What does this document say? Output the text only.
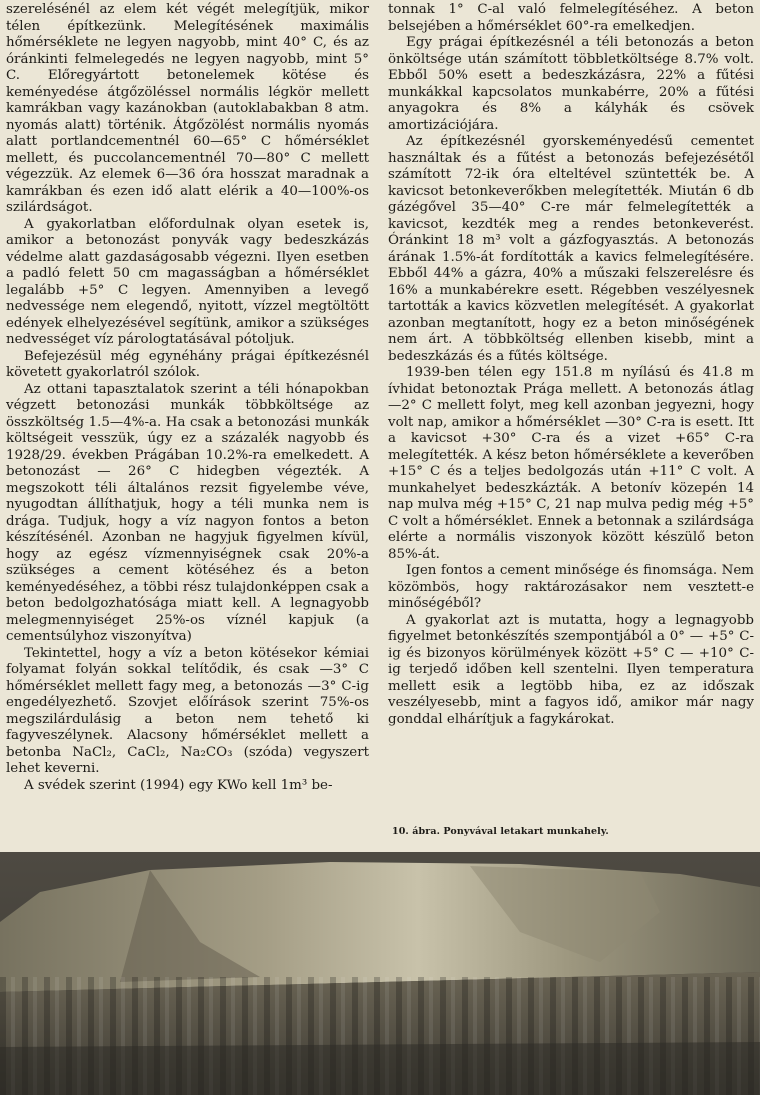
szerelésénél az elem két végét melegítjük, mikor télen építkezünk. Melegítésének maximális hőmérséklete ne legyen nagyobb, mint 40° C, és az óránkinti felmelegedés ne legyen nagyobb, mint 5° C. Előregyártott betonelemek kötése és keményedése átgőzöléssel normális légkör mellett kamrákban vagy kazánokban (autoklabakban 8 atm. nyomás alatt) történik. Átgőzölést normális nyomás alatt portlandcementnél 60—65° C hőmérséklet mellett, és puccolancementnél 70—80° C mellett végezzük. Az elemek 6—36 óra hosszat maradnak a kamrákban és ezen idő alatt elérik a 40—100%-os szilárdságot.

A gyakorlatban előfordulnak olyan esetek is, amikor a betonozást ponyvák vagy bedeszkázás védelme alatt gazdaságosabb végezni. Ilyen esetben a padló felett 50 cm magasságban a hőmérséklet legalább +5° C legyen. Amennyiben a levegő nedvessége nem elegendő, nyitott, vízzel megtöltött edények elhelyezésével segítünk, amikor a szükséges nedvességet víz párologtatásával pótoljuk.

Befejezésül még egynéhány prágai építkezésnél követett gyakorlatról szólok.

Az ottani tapasztalatok szerint a téli hónapokban végzett betonozási munkák többköltsége az összköltség 1.5—4%-a. Ha csak a betonozási munkák költségeit vesszük, úgy ez a százalék nagyobb és 1928/29. években Prágában 10.2%-ra emelkedett. A betonozást — 26° C hidegben végezték. A megszokott téli általános rezsit figyelembe véve, nyugodtan állíthatjuk, hogy a téli munka nem is drága. Tudjuk, hogy a víz nagyon fontos a beton készítésénél. Azonban ne hagyjuk figyelmen kívül, hogy az egész vízmennyiségnek csak 20%-a szükséges a cement kötéséhez és a beton keményedéséhez, a többi rész tulajdonképpen csak a beton bedolgozhatósága miatt kell. A legnagyobb melegmennyiséget 25%-os víznél kapjuk (a cementsúlyhoz viszonyítva)

Tekintettel, hogy a víz a beton kötésekor kémiai folyamat folyán sokkal telítődik, és csak —3° C hőmérséklet mellett fagy meg, a betonozás —3° C-ig engedélyezhető. Szovjet előírások szerint 75%-os megszilárdulásig a beton nem tehető ki fagyveszélynek. Alacsony hőmérséklet mellett a betonba NaCl₂, CaCl₂, Na₂CO₃ (szóda) vegyszert lehet keverni.

A svédek szerint (1994) egy KWo kell 1m³ be-

tonnak 1° C-al való felmelegítéséhez. A beton belsejében a hőmérséklet 60°-ra emelkedjen.

Egy prágai építkezésnél a téli betonozás a beton önköltsége után számított többletköltsége 8.7% volt. Ebből 50% esett a bedeszkázásra, 22% a fűtési munkákkal kapcsolatos munkabérre, 20% a fűtési anyagokra és 8% a kályhák és csövek amortizációjára.

Az építkezésnél gyorskeményedésű cementet használtak és a fűtést a betonozás befejezésétől számított 72-ik óra elteltével szüntették be. A kavicsot betonkeverőkben melegítették. Miután 6 db gázégővel 35—40° C-re már felmelegítették a kavicsot, kezdték meg a rendes betonkeverést. Óránkint 18 m³ volt a gázfogyasztás. A betonozás árának 1.5%-át fordították a kavics felmelegítésére. Ebből 44% a gázra, 40% a műszaki felszerelésre és 16% a munkabérekre esett. Régebben veszélyesnek tartották a kavics közvetlen melegítését. A gyakorlat azonban megtanított, hogy ez a beton minőségének nem árt. A többköltség ellenben kisebb, mint a bedeszkázás és a fűtés költsége.

1939-ben télen egy 151.8 m nyílású és 41.8 m ívhidat betonoztak Prága mellett. A betonozás átlag —2° C mellett folyt, meg kell azonban jegyezni, hogy volt nap, amikor a hőmérséklet —30° C-ra is esett. Itt a kavicsot +30° C-ra és a vizet +65° C-ra melegítették. A kész beton hőmérséklete a keverőben +15° C és a teljes bedolgozás után +11° C volt. A munkahelyet bedeszkázták. A betonív közepén 14 nap mulva még +15° C, 21 nap mulva pedig még +5° C volt a hőmérséklet. Ennek a betonnak a szilárdsága elérte a normális viszonyok között készülő beton 85%-át.

Igen fontos a cement minősége és finomsága. Nem közömbös, hogy raktározásakor nem vesztett-e minőségéből?

A gyakorlat azt is mutatta, hogy a legnagyobb figyelmet betonkészítés szempontjából a 0° — +5° C-ig és bizonyos körülmények között +5° C — +10° C-ig terjedő időben kell szentelni. Ilyen temperatura mellett esik a legtöbb hiba, ez az időszak veszélyesebb, mint a fagyos idő, amikor már nagy gonddal elhárítjuk a fagykárokat.

10. ábra. Ponyvával letakart munkahely.
